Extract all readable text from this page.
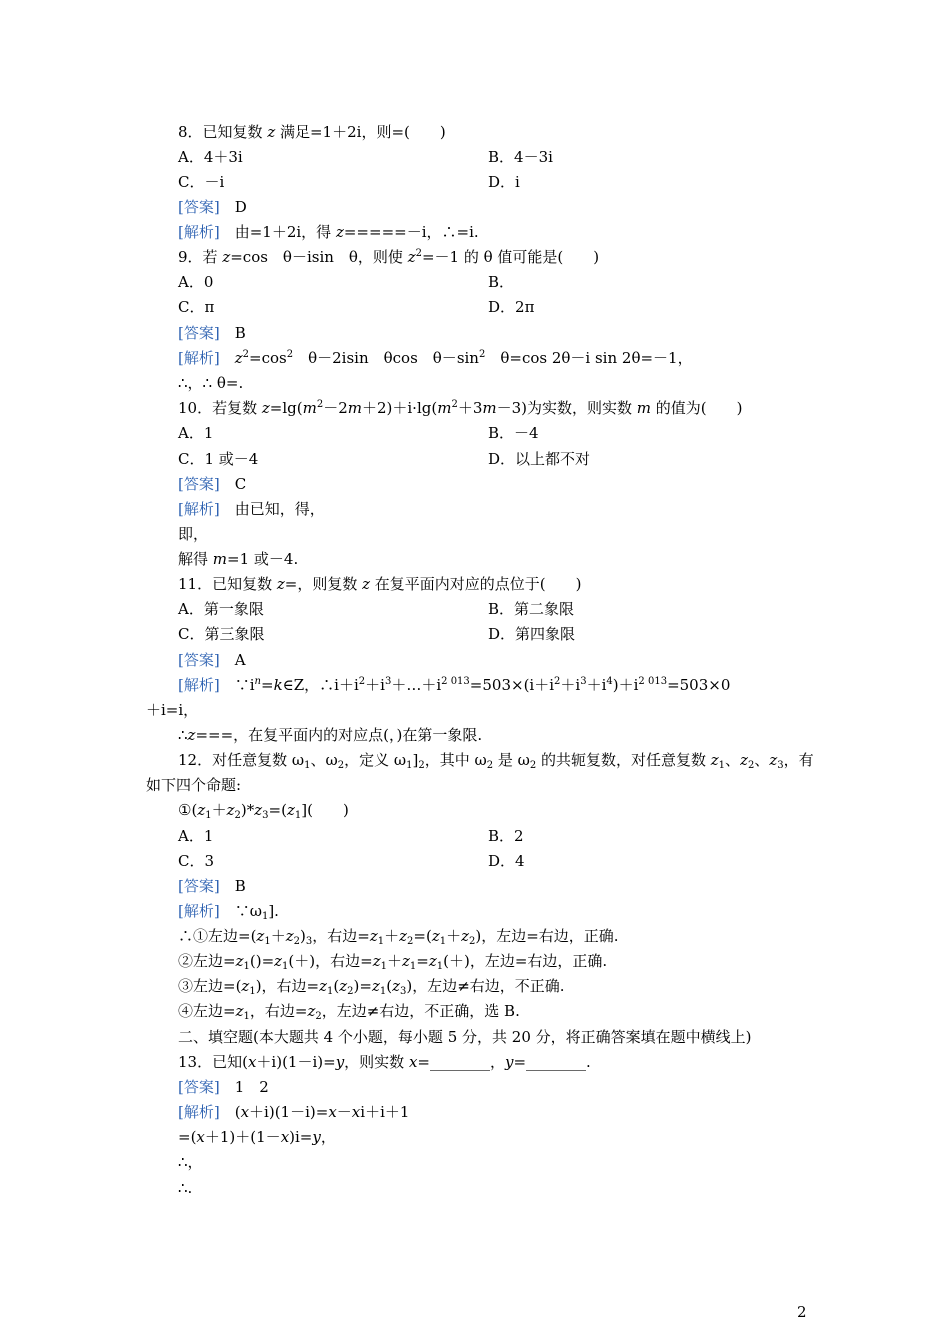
8．已知复数 z 满足=1＋2i，则=(　　)
A．4＋3i	B．4－3i
C．－i	D．i
[答案]　D
[解析]　由=1＋2i，得 z=====－i，∴=i.
9．若 z=cos　θ－isin　θ，则使 $z^2=-1$ 的 θ 值可能是(　　)
A．0	B．
C．π	D．2π
[答案]　B
[解析]　 $z^2=\cos^2$　θ－2isin　θcos　$\theta-\sin^2$　θ=cos 2θ－i sin 2θ=－1，
∴，∴ θ=.
10．若复数 $z=\lg(m^2-2m+2)+i\cdot\lg(m^2+3m-3)$为实数，则实数 m 的值为(　　)
A．1	B．－4
C．1 或－4	D．以上都不对
[答案]　C
[解析]　由已知，得，
即，
解得 m=1 或－4.
11．已知复数 z=，则复数 z 在复平面内对应的点位于(　　)
A．第一象限	B．第二象限
C．第三象限	D．第四象限
[答案]　A
[解析]　$\because i^n=k\in Z$，$\therefore i+i^2+i^3+\dots+i^{2 013}=503\times(i+i^2+i^3+i^4)+i^{2 013}=503\times 0$
＋i=i，
∴z===，在复平面内的对应点(，)在第一象限.
12．对任意复数 $\omega_1$、$\omega_2$，定义 $\omega_1]_2$，其中 $\omega_2$ 是 $\omega_2$ 的共轭复数，对任意复数 $z_1$、$z_2$、$z_3$，有
如下四个命题:
$①(z_1+z_2)*z_3=(z_1]$(　　)
A．1	B．2
C．3	D．4
[答案]　B
[解析]　$\because\omega_1$].
∴①左边$=(z_1+z_2)_3$，右边$=z_1+z_2=(z_1+z_2)$，左边=右边，正确.
②左边$=z_1()=z_1(+)$，右边$=z_1+z_1=z_1(+)$，左边=右边，正确.
③左边$=(z_1)$，右边$=z_1(z_2)=z_1(z_3)$，左边≠右边，不正确.
④左边$=z_1$，右边$=z_2$，左边≠右边，不正确，选 B.
二、填空题(本大题共 4 个小题，每小题 5 分，共 20 分，将正确答案填在题中横线上)
13．已知(x＋i)(1－i)=y，则实数 x=________，y=________.
[答案]　1　2
[解析]　(x＋i)(1－i)=x－xi＋i＋1
=(x＋1)＋(1－x)i=y，
∴，
∴.
2
